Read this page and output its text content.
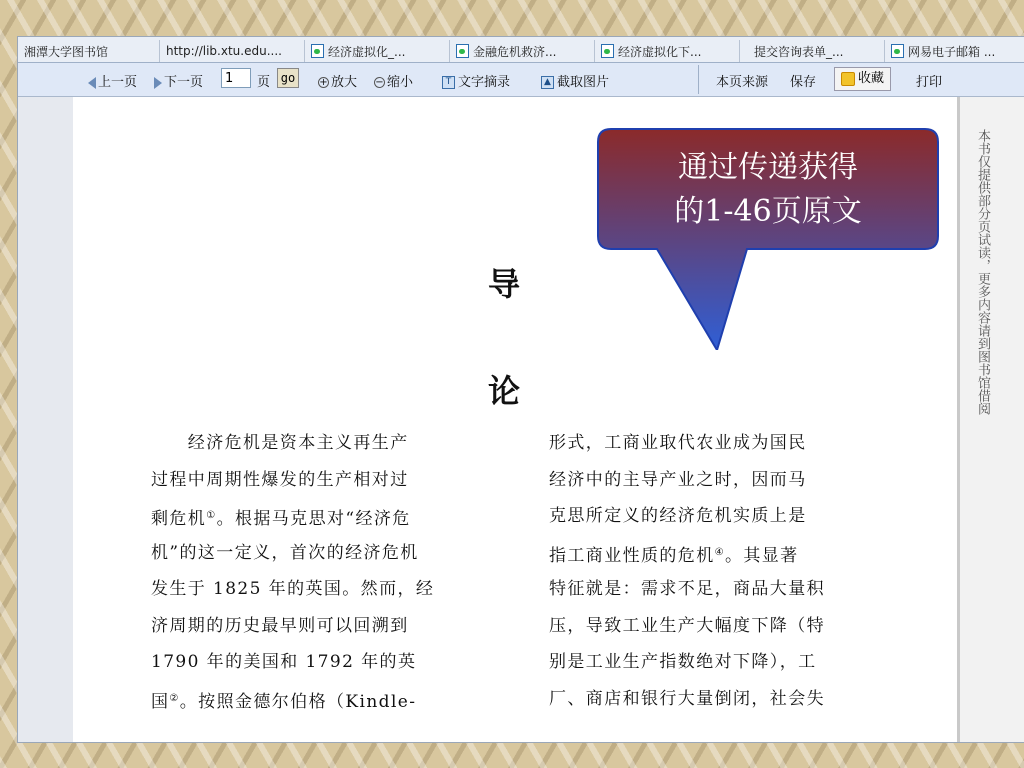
湘潭大学图书馆	http://lib.xtu.edu....	经济虚拟化_...	金融危机救济...	经济虚拟化下...	提交咨询表单_...	网易电子邮箱 ...
上一页	下一页
1	页 go	+ 放大 − 缩小	T 文字摘录	▲ 截取图片	本页来源 保存	收藏	打印
导
论
　　经济危机是资本主义再生产
过程中周期性爆发的生产相对过
剩危机①。根据马克思对“经济危
机”的这一定义，首次的经济危机
发生于 1825 年的英国。然而，经
济周期的历史最早则可以回溯到
1790 年的美国和 1792 年的英
国②。按照金德尔伯格（Kindle-
形式，工商业取代农业成为国民
经济中的主导产业之时，因而马
克思所定义的经济危机实质上是
指工商业性质的危机④。其显著
特征就是：需求不足，商品大量积
压，导致工业生产大幅度下降（特
别是工业生产指数绝对下降），工
厂、商店和银行大量倒闭，社会失
本书仅提供部分页试读，更多内容请到图书馆借阅
通过传递获得
的1-46页原文
